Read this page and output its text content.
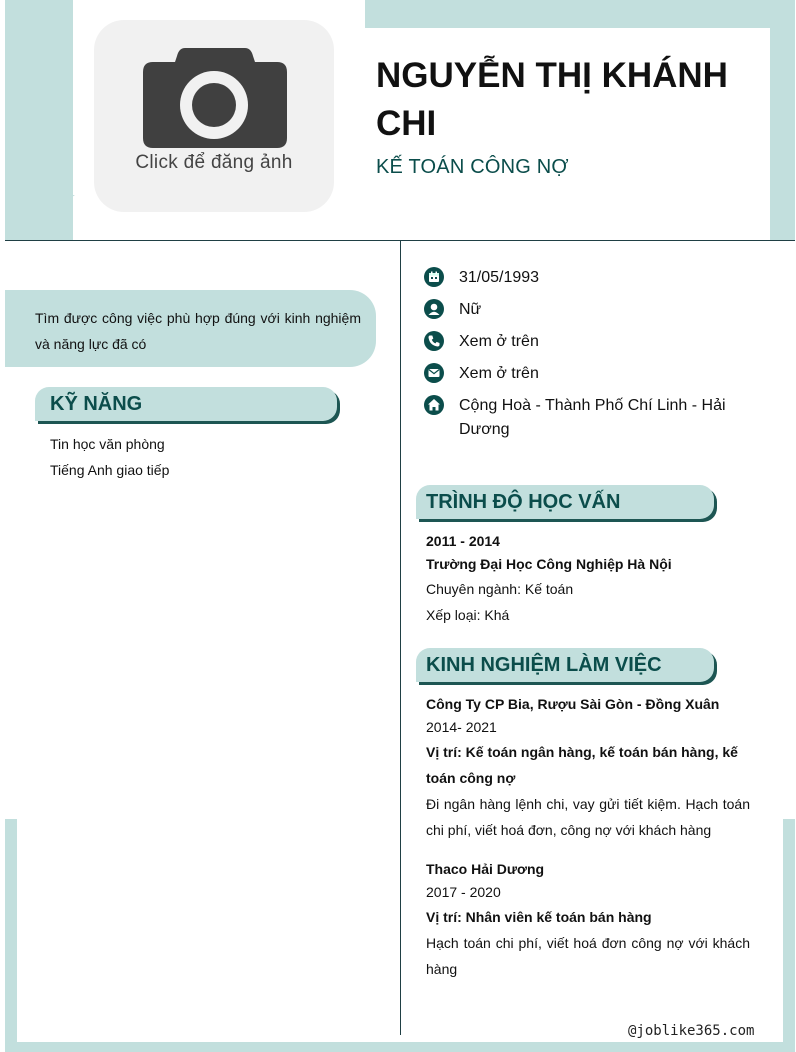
Click để đăng ảnh
NGUYỄN THỊ KHÁNH CHI
KẾ TOÁN CÔNG NỢ
Tìm được công việc phù hợp đúng với kinh nghiệm và năng lực đã có
KỸ NĂNG
Tin học văn phòng
Tiếng Anh giao tiếp
31/05/1993
Nữ
Xem ở trên
Xem ở trên
Cộng Hoà - Thành Phố Chí Linh - Hải Dương
TRÌNH ĐỘ HỌC VẤN
2011 - 2014
Trường Đại Học Công Nghiệp Hà Nội
Chuyên ngành: Kế toán
Xếp loại: Khá
KINH NGHIỆM LÀM VIỆC
Công Ty CP Bia, Rượu Sài Gòn - Đồng Xuân
2014- 2021
Vị trí: Kế toán ngân hàng, kế toán bán hàng, kế toán công nợ
Đi ngân hàng lệnh chi, vay gửi tiết kiệm. Hạch toán chi phí, viết hoá đơn, công nợ với khách hàng
Thaco Hải Dương
2017 - 2020
Vị trí: Nhân viên kế toán bán hàng
Hạch toán chi phí, viết hoá đơn công nợ với khách hàng
@joblike365.com
